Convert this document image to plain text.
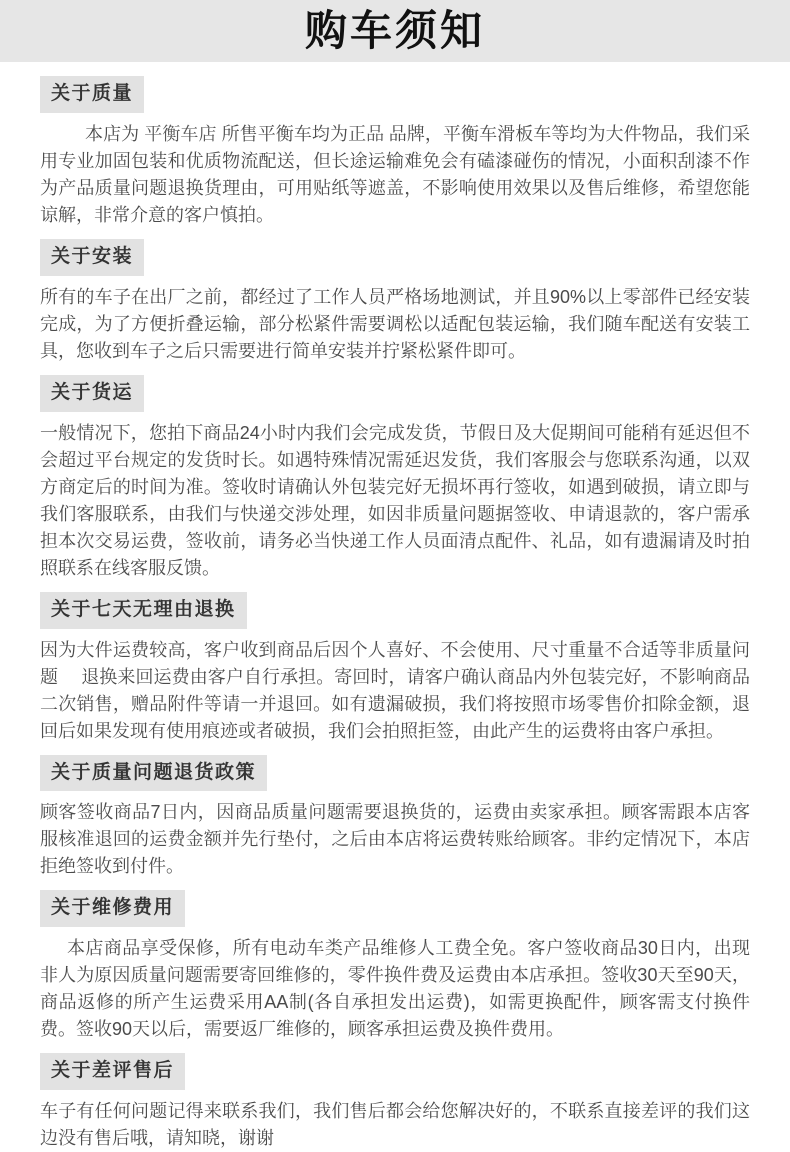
购车须知
关于质量

本店为 平衡车店 所售平衡车均为正品 品牌，平衡车滑板车等均为大件物品，我们采用专业加固包装和优质物流配送，但长途运输难免会有磕漆碰伤的情况，小面积刮漆不作为产品质量问题退换货理由，可用贴纸等遮盖，不影响使用效果以及售后维修，希望您能谅解，非常介意的客户慎拍。

关于安装

所有的车子在出厂之前，都经过了工作人员严格场地测试，并且90%以上零部件已经安装完成，为了方便折叠运输，部分松紧件需要调松以适配包装运输，我们随车配送有安装工具，您收到车子之后只需要进行简单安装并拧紧松紧件即可。

关于货运

一般情况下，您拍下商品24小时内我们会完成发货，节假日及大促期间可能稍有延迟但不会超过平台规定的发货时长。如遇特殊情况需延迟发货，我们客服会与您联系沟通，以双方商定后的时间为准。签收时请确认外包装完好无损坏再行签收，如遇到破损，请立即与我们客服联系，由我们与快递交涉处理，如因非质量问题据签收、申请退款的，客户需承担本次交易运费，签收前，请务必当快递工作人员面清点配件、礼品，如有遗漏请及时拍照联系在线客服反馈。

关于七天无理由退换

因为大件运费较高，客户收到商品后因个人喜好、不会使用、尺寸重量不合适等非质量问题　 退换来回运费由客户自行承担。寄回时，请客户确认商品内外包装完好，不影响商品二次销售，赠品附件等请一并退回。如有遗漏破损，我们将按照市场零售价扣除金额，退回后如果发现有使用痕迹或者破损，我们会拍照拒签，由此产生的运费将由客户承担。

关于质量问题退货政策

顾客签收商品7日内，因商品质量问题需要退换货的，运费由卖家承担。顾客需跟本店客服核准退回的运费金额并先行垫付，之后由本店将运费转账给顾客。非约定情况下，本店拒绝签收到付件。

关于维修费用

本店商品享受保修，所有电动车类产品维修人工费全免。客户签收商品30日内，出现非人为原因质量问题需要寄回维修的，零件换件费及运费由本店承担。签收30天至90天，商品返修的所产生运费采用AA制(各自承担发出运费)，如需更换配件，顾客需支付换件费。签收90天以后，需要返厂维修的，顾客承担运费及换件费用。

关于差评售后

车子有任何问题记得来联系我们，我们售后都会给您解决好的，不联系直接差评的我们这边没有售后哦，请知晓，谢谢
